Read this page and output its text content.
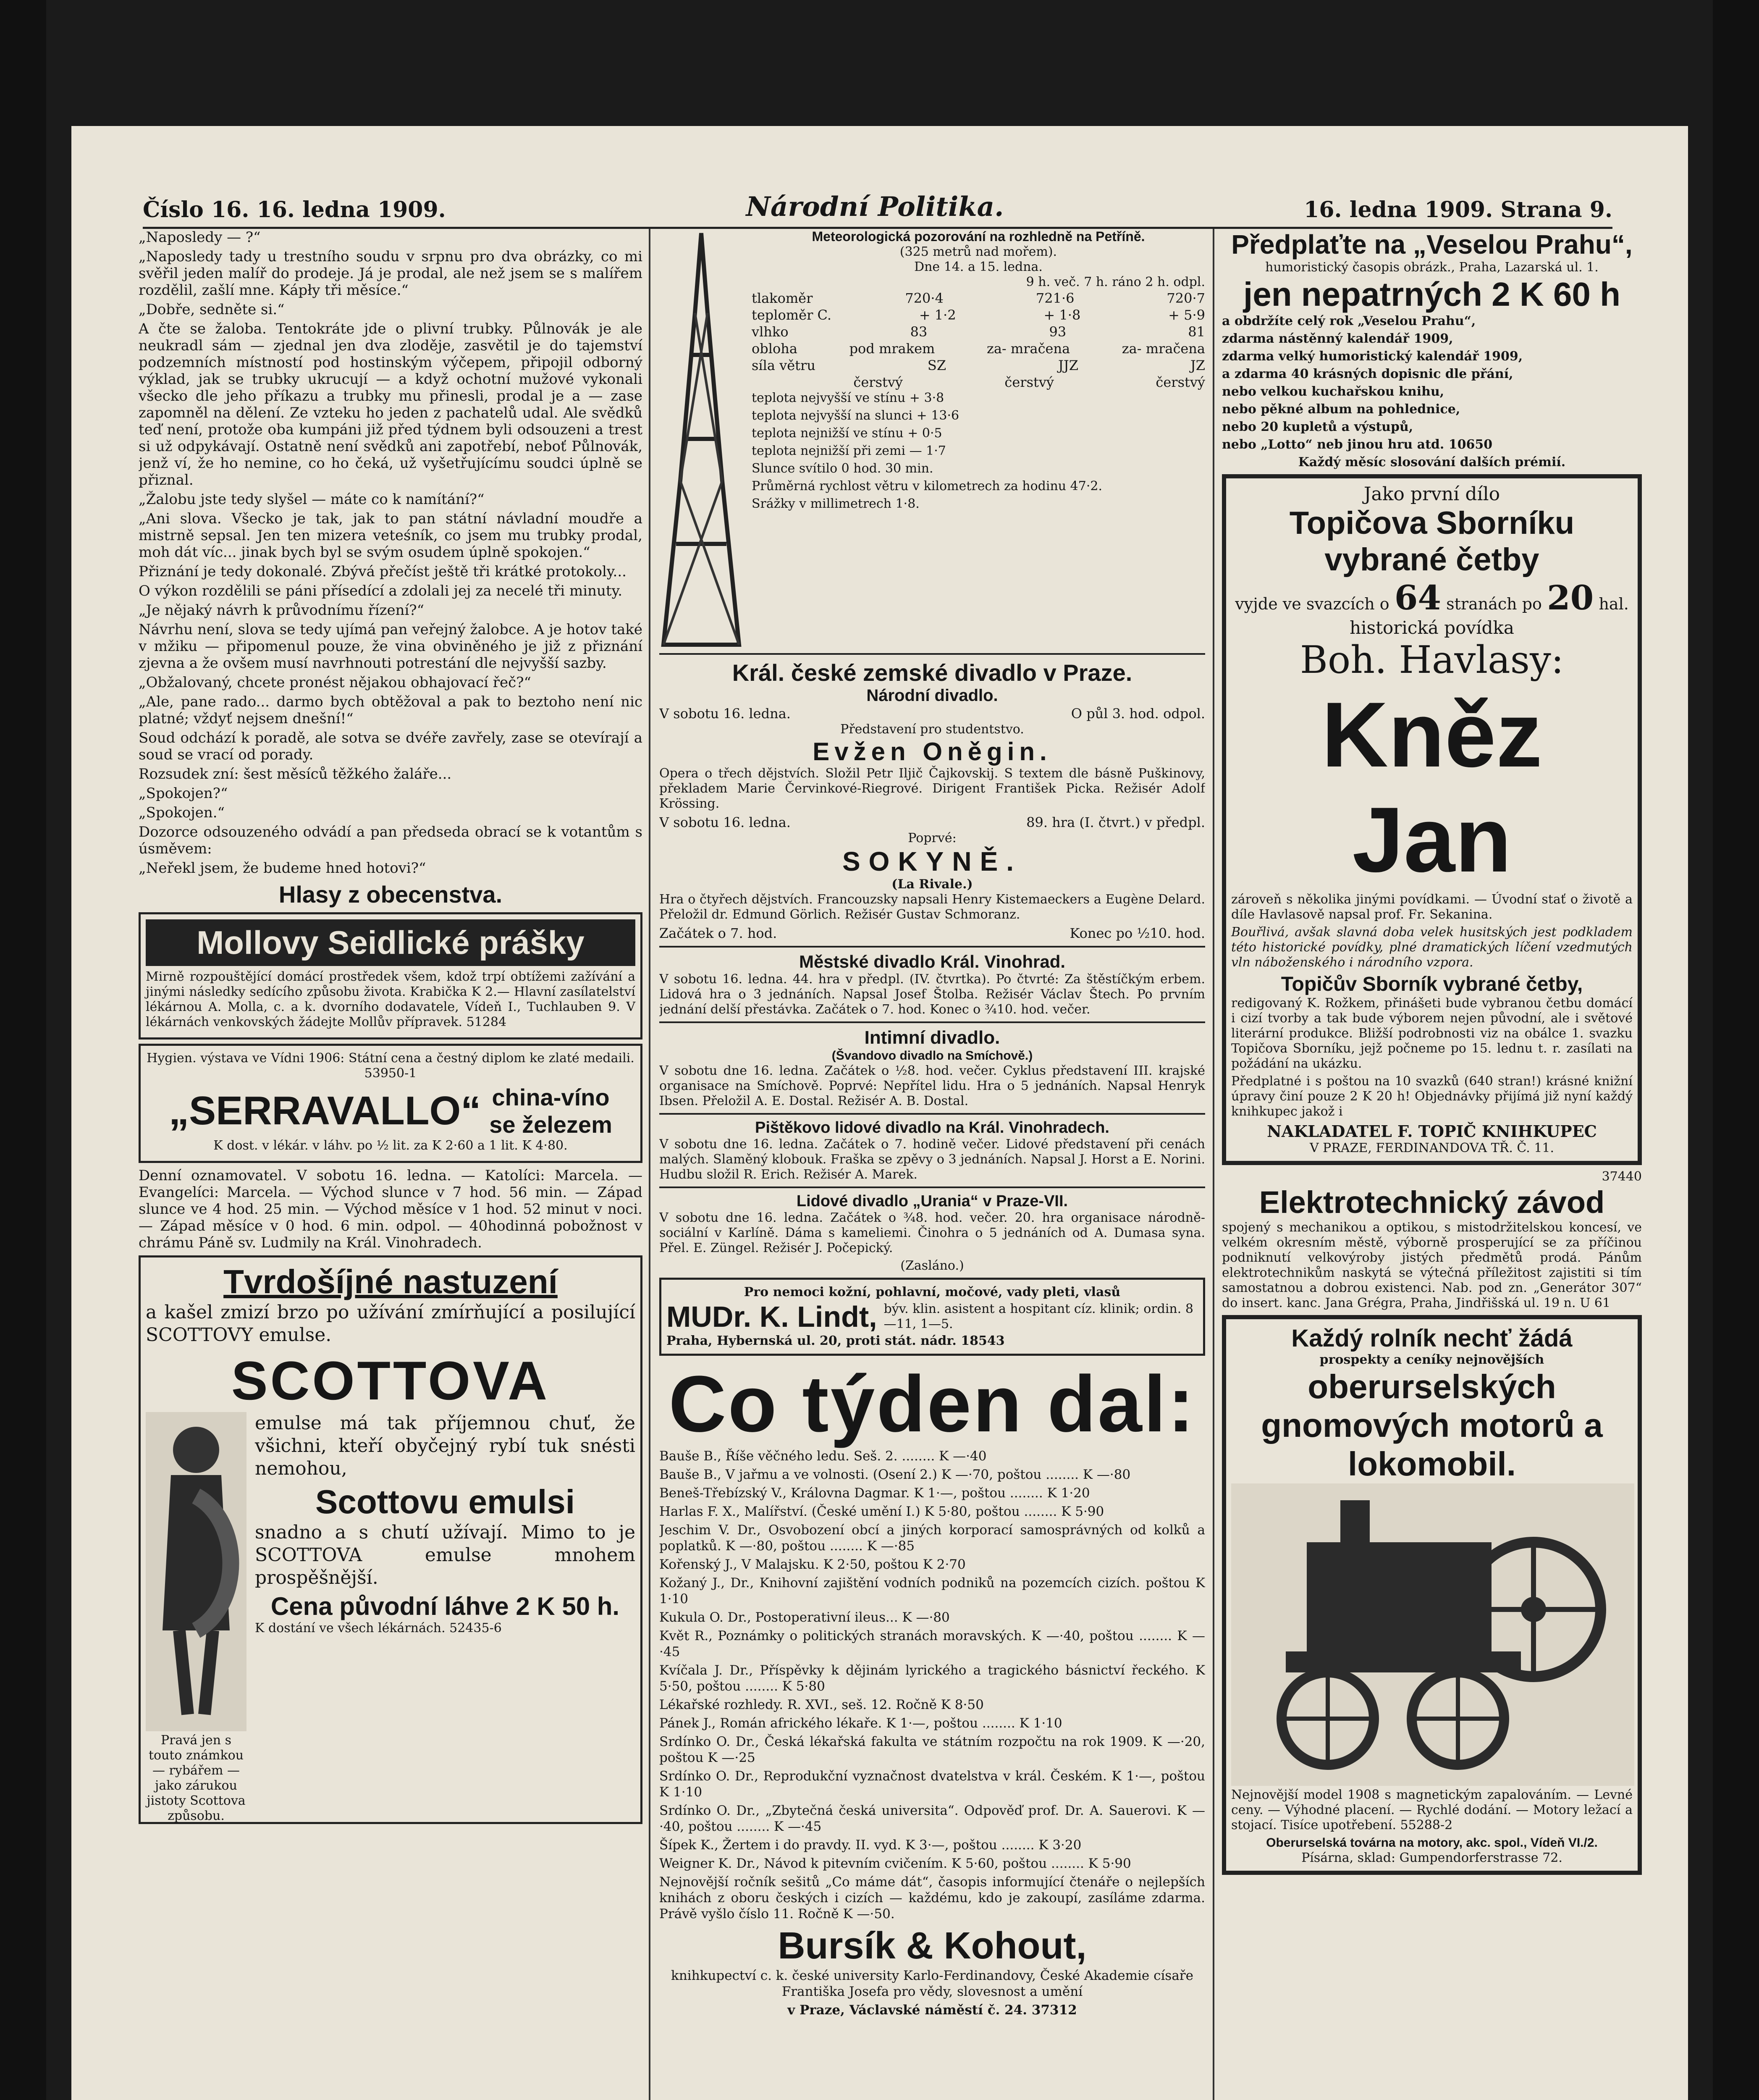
Číslo 16. 16. ledna 1909.	Národní Politika.	16. ledna 1909. Strana 9.

„Naposledy — ?“

„Naposledy tady u trestního soudu v srpnu pro dva obrázky, co mi svěřil jeden malíř do prodeje. Já je prodal, ale než jsem se s malířem rozdělil, zašlí mne. Kápły tři měsíce.“

„Dobře, sedněte si.“

A čte se žaloba. Tentokráte jde o plivní trubky. Půlnovák je ale neukradl sám — zjednal jen dva zloděje, zasvětil je do tajemství podzemních místností pod hostinským výčepem, připojil odborný výklad, jak se trubky ukrucují — a když ochotní mužové vykonali všecko dle jeho příkazu a trubky mu přinesli, prodal je a — zase zapomněl na dělení. Ze vzteku ho jeden z pachatelů udal. Ale svědků teď není, protože oba kumpáni již před týdnem byli odsouzeni a trest si už odpykávají. Ostatně není svědků ani zapotřebí, neboť Půlnovák, jenž ví, že ho nemine, co ho čeká, už vyšetřujícímu soudci úplně se přiznal.

„Žalobu jste tedy slyšel — máte co k namítání?“

„Ani slova. Všecko je tak, jak to pan státní návladní moudře a mistrně sepsal. Jen ten mizera veteśník, co jsem mu trubky prodal, moh dát víc... jinak bych byl se svým osudem úplně spokojen.“

Přiznání je tedy dokonalé. Zbývá přečíst ještě tři krátké protokoly...

O výkon rozdělili se páni přísedící a zdolali jej za necelé tři minuty.

„Je nějaký návrh k průvodnímu řízení?“

Návrhu není, slova se tedy ujímá pan veřejný žalobce. A je hotov také v mžiku — připomenul pouze, že vina obviněného je již z přiznání zjevna a že ovšem musí navrhnouti potrestání dle nejvyšší sazby.

„Obžalovaný, chcete pronést nějakou obhajovací řeč?“

„Ale, pane rado... darmo bych obtěžoval a pak to beztoho není nic platné; vždyť nejsem dnešní!“

Soud odchází k poradě, ale sotva se dvéře zavřely, zase se otevírají a soud se vrací od porady.

Rozsudek zní: šest měsíců těžkého žaláře...

„Spokojen?“

„Spokojen.“

Dozorce odsouzeného odvádí a pan předseda obrací se k votantům s úsměvem:

„Neřekl jsem, že budeme hned hotovi?“

Hlasy z obecenstva.
Mollovy Seidlické prášky

Mirně rozpouštějící domácí prostředek všem, kdož trpí obtížemi zažívání a jinými následky sedícího způsobu života. Krabička K 2.— Hlavní zasílatelství lékárnou A. Molla, c. a k. dvorního dodavatele, Vídeň I., Tuchlauben 9. V lékárnách venkovských žádejte Mollův přípravek. 51284

Hygien. výstava ve Vídni 1906: Státní cena a čestný diplom ke zlaté medaili. 53950-1

„SERRAVALLO“ china-víno
se železem

K dost. v lékár. v láhv. po ½ lit. za K 2·60 a 1 lit. K 4·80.

Denní oznamovatel. V sobotu 16. ledna. — Katolíci: Marcela. — Evangelíci: Marcela. — Východ slunce v 7 hod. 56 min. — Západ slunce ve 4 hod. 25 min. — Východ měsíce v 1 hod. 52 minut v noci. — Západ měsíce v 0 hod. 6 min. odpol. — 40hodinná pobožnost v chrámu Páně sv. Ludmily na Král. Vinohradech.

Tvrdošíjné nastuzení

a kašel zmizí brzo po užívání zmírňující a posilující SCOTTOVY emulse.

SCOTTOVA

Pravá jen s touto známkou — rybářem — jako zárukou jistoty Scottova způsobu.

emulse má tak příjemnou chuť, že všichni, kteří obyčejný rybí tuk snésti nemohou,

Scottovu emulsi

snadno a s chutí užívají. Mimo to je SCOTTOVA emulse mnohem prospěšnější.

Cena původní láhve 2 K 50 h.

K dostání ve všech lékárnách. 52435-6

Meteorologická pozorování na rozhledně na Petříně.
(325 metrů nad mořem).
Dne 14. a 15. ledna.
9 h. več. 7 h. ráno 2 h. odpl.
tlakoměr	720·4	721·6	720·7
teploměr C.	+ 1·2	+ 1·8	+ 5·9
vlhko	83	93	81
obloha	pod mrakem	za- mračena	za- mračena
síla větru	SZ	JJZ	JZ
čerstvý	čerstvý	čerstvý

teplota nejvyšší ve stínu + 3·8

teplota nejvyšší na slunci + 13·6

teplota nejnižší ve stínu + 0·5

teplota nejnižší při zemi — 1·7

Slunce svítilo 0 hod. 30 min.

Průměrná rychlost větru v kilometrech za hodinu 47·2.

Srážky v millimetrech 1·8.

Král. české zemské divadlo v Praze.
Národní divadlo.
V sobotu 16. ledna.	O půl 3. hod. odpol.
Představení pro studentstvo.
Evžen Oněgin.

Opera o třech dějstvích. Složil Petr Iljič Čajkovskij. S textem dle básně Puškinovy, překladem Marie Červinkové-Riegrové. Dirigent František Picka. Režisér Adolf Krössing.

V sobotu 16. ledna.	89. hra (I. čtvrt.) v předpl.
Poprvé:
SOKYNĚ.
(La Rivale.)

Hra o čtyřech dějstvích. Francouzsky napsali Henry Kistemaeckers a Eugène Delard. Přeložil dr. Edmund Görlich. Režisér Gustav Schmoranz.

Začátek o 7. hod.	Konec po ½10. hod.
Městské divadlo Král. Vinohrad.

V sobotu 16. ledna. 44. hra v předpl. (IV. čtvrtka). Po čtvrté: Za štěstíčkým erbem. Lidová hra o 3 jednáních. Napsal Josef Štolba. Režisér Václav Štech. Po prvním jednání delší přestávka. Začátek o 7. hod. Konec o ¾10. hod. večer.

Intimní divadlo.
(Švandovo divadlo na Smíchově.)

V sobotu dne 16. ledna. Začátek o ½8. hod. večer. Cyklus představení III. krajské organisace na Smíchově. Poprvé: Nepřítel lidu. Hra o 5 jednáních. Napsal Henryk Ibsen. Přeložil A. E. Dostal. Režisér A. B. Dostal.

Pištěkovo lidové divadlo na Král. Vinohradech.

V sobotu dne 16. ledna. Začátek o 7. hodině večer. Lidové představení při cenách malých. Slaměný klobouk. Fraška se zpěvy o 3 jednáních. Napsal J. Horst a E. Norini. Hudbu složil R. Erich. Režisér A. Marek.

Lidové divadlo „Urania“ v Praze-VII.

V sobotu dne 16. ledna. Začátek o ¾8. hod. večer. 20. hra organisace národně-sociální v Karlíně. Dáma s kameliemi. Činohra o 5 jednáních od A. Dumasa syna. Přel. E. Züngel. Režisér J. Počepický.

(Zasláno.)
Pro nemoci kožní, pohlavní, močové, vady pleti, vlasů
MUDr. K. Lindt, býv. klin. asistent a hospitant cíz. klinik; ordin. 8—11, 1—5.
Praha, Hybernská ul. 20, proti stát. nádr. 18543
Co týden dal:

Bauše B., Říše věčného ledu. Seš. 2. ........ K —·40

Bauše B., V jařmu a ve volnosti. (Osení 2.) K —·70, poštou ........ K —·80

Beneš-Třebízský V., Královna Dagmar. K 1·—, poštou ........ K 1·20

Harlas F. X., Malířství. (České umění I.) K 5·80, poštou ........ K 5·90

Jeschim V. Dr., Osvobození obcí a jiných korporací samosprávných od kolků a poplatků. K —·80, poštou ........ K —·85

Kořenský J., V Malajsku. K 2·50, poštou K 2·70

Kožaný J., Dr., Knihovní zajištění vodních podniků na pozemcích cizích. poštou K 1·10

Kukula O. Dr., Postoperativní ileus... K —·80

Květ R., Poznámky o politických stranách moravských. K —·40, poštou ........ K —·45

Kvíčala J. Dr., Příspěvky k dějinám lyrického a tragického básnictví řeckého. K 5·50, poštou ........ K 5·80

Lékařské rozhledy. R. XVI., seš. 12. Ročně K 8·50

Pánek J., Román afrického lékaře. K 1·—, poštou ........ K 1·10

Srdínko O. Dr., Česká lékařská fakulta ve státním rozpočtu na rok 1909. K —·20, poštou K —·25

Srdínko O. Dr., Reprodukční vyznačnost dvatelstva v král. Českém. K 1·—, poštou K 1·10

Srdínko O. Dr., „Zbytečná česká universita“. Odpověď prof. Dr. A. Sauerovi. K —·40, poštou ........ K —·45

Šípek K., Žertem i do pravdy. II. vyd. K 3·—, poštou ........ K 3·20

Weigner K. Dr., Návod k pitevním cvičením. K 5·60, poštou ........ K 5·90

Nejnovější ročník sešitů „Co máme dát“, časopis informující čtenáře o nejlepších knihách z oboru českých i cizích — každému, kdo je zakoupí, zasíláme zdarma. Právě vyšlo číslo 11. Ročně K —·50.

Bursík & Kohout,

knihkupectví c. k. české university Karlo-Ferdinandovy, České Akademie císaře Františka Josefa pro vědy, slovesnost a umění

v Praze, Václavské náměstí č. 24. 37312

Předplaťte na „Veselou Prahu“,
humoristický časopis obrázk., Praha, Lazarská ul. 1.
jen nepatrných 2 K 60 h

a obdržíte celý rok „Veselou Prahu“,

zdarma nástěnný kalendář 1909,

zdarma velký humoristický kalendář 1909,

a zdarma 40 krásných dopisnic dle přání,

nebo velkou kuchařskou knihu,

nebo pěkné album na pohlednice,

nebo 20 kupletů a výstupů,

nebo „Lotto“ neb jinou hru atd. 10650

Každý měsíc slosování dalších prémií.

Jako první dílo
Topičova Sborníku
vybrané četby
vyjde ve svazcích o 64 stranách po 20 hal.
historická povídka
Boh. Havlasy:
Kněz Jan

zároveň s několika jinými povídkami. — Úvodní stať o životě a díle Havlasově napsal prof. Fr. Sekanina.

Bouřlivá, avšak slavná doba velek husitských jest podkladem této historické povídky, plné dramatických líčení vzedmutých vln náboženského i národního vzpora.

Topičův Sborník vybrané četby,

redigovaný K. Rožkem, přinášeti bude vybranou četbu domácí i cizí tvorby a tak bude výborem nejen původní, ale i světové literární produkce. Bližší podrobnosti viz na obálce 1. svazku Topičova Sborníku, jejž počneme po 15. lednu t. r. zasílati na požádání na ukázku.

Předplatné i s poštou na 10 svazků (640 stran!) krásné knižní úpravy činí pouze 2 K 20 h! Objednávky přijímá již nyní každý knihkupec jakož i

NAKLADATEL F. TOPIČ KNIHKUPEC
V PRAZE, FERDINANDOVA TŘ. Č. 11.
37440
Elektrotechnický závod

spojený s mechanikou a optikou, s mistodržitelskou koncesí, ve velkém okresním městě, výborně prosperující se za příčinou podniknutí velkovýroby jistých předmětů prodá. Pánům elektrotechnikům naskytá se výtečná příležitost zajistiti si tím samostatnou a dobrou existenci. Nab. pod zn. „Generátor 307“ do insert. kanc. Jana Grégra, Praha, Jindřišská ul. 19 n. U 61

Každý rolník nechť žádá
prospekty a ceníky nejnovějších
oberurselských gnomových motorů a lokomobil.

Nejnovější model 1908 s magnetickým zapalováním. — Levné ceny. — Výhodné placení. — Rychlé dodání. — Motory ležací a stojací. Tisíce upotřebení. 55288-2

Oberurselská továrna na motory, akc. spol., Vídeň VI./2.
Písárna, sklad: Gumpendorferstrasse 72.
